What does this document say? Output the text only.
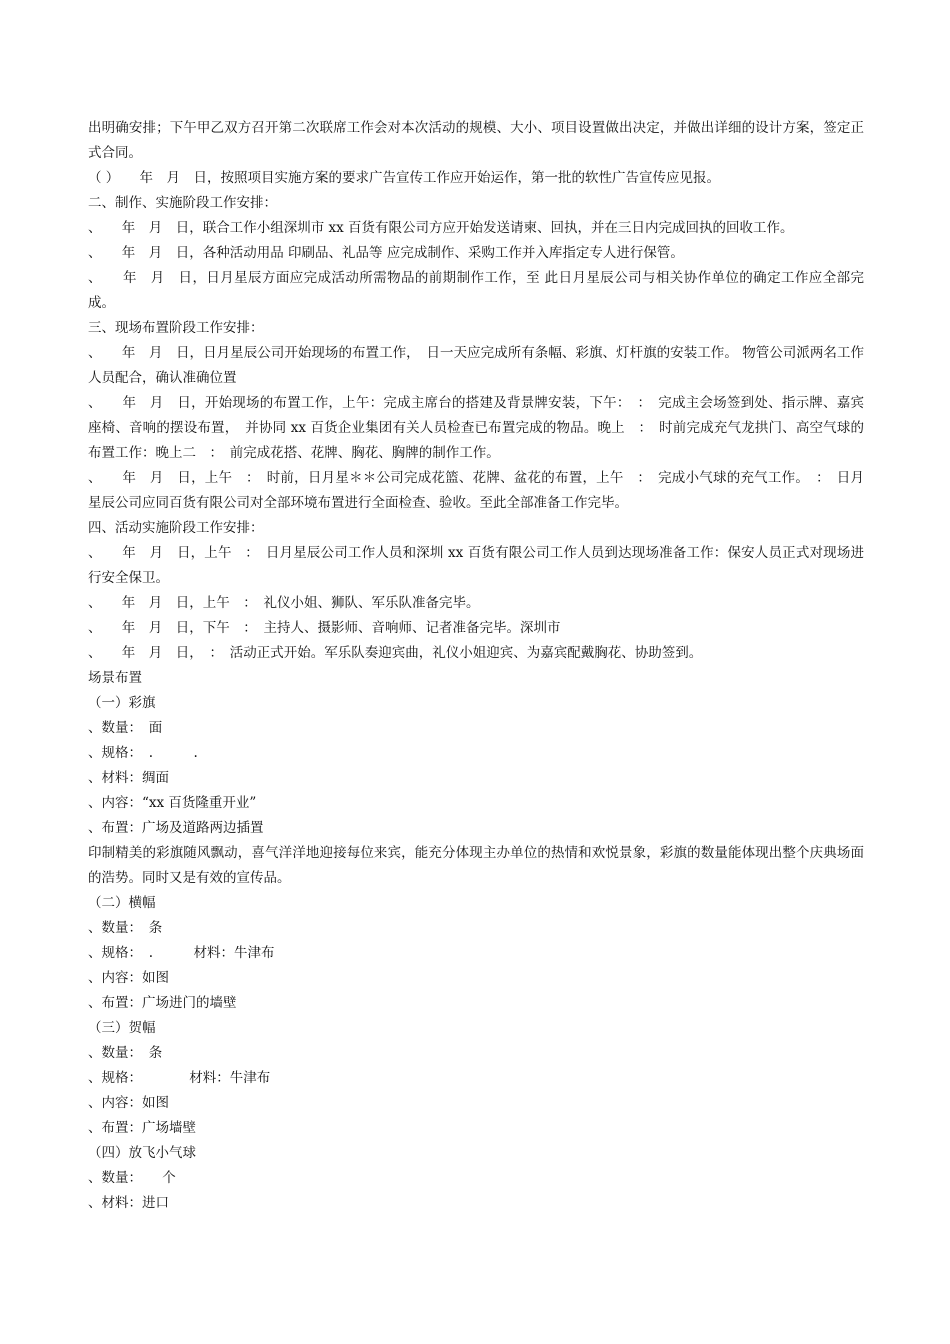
出明确安排；下午甲乙双方召开第二次联席工作会对本次活动的规模、大小、项目设置做出决定，并做出详细的设计方案，签定正式合同。

（ ）　　年　月　日，按照项目实施方案的要求广告宣传工作应开始运作，第一批的软性广告宣传应见报。

二、制作、实施阶段工作安排：

、　　年　月　日，联合工作小组深圳市 xx 百货有限公司方应开始发送请柬、回执，并在三日内完成回执的回收工作。

、　　年　月　日，各种活动用品 印刷品、礼品等 应完成制作、采购工作并入库指定专人进行保管。

、　　年　月　日，日月星辰方面应完成活动所需物品的前期制作工作，至 此日月星辰公司与相关协作单位的确定工作应全部完成。

三、现场布置阶段工作安排：

、　　年　月　日，日月星辰公司开始现场的布置工作，　日一天应完成所有条幅、彩旗、灯杆旗的安装工作。 物管公司派两名工作人员配合，确认准确位置

、　　年　月　日，开始现场的布置工作，上午：完成主席台的搭建及背景牌安装，下午：　：　完成主会场签到处、指示牌、嘉宾座椅、音响的摆设布置，　并协同 xx 百货企业集团有关人员检查已布置完成的物品。晚上　：　时前完成充气龙拱门、高空气球的布置工作：晚上二　：　前完成花搭、花牌、胸花、胸牌的制作工作。

、　　年　月　日，上午　：　时前，日月星＊＊公司完成花篮、花牌、盆花的布置，上午　：　完成小气球的充气工作。　：　日月星辰公司应同百货有限公司对全部环境布置进行全面检查、验收。至此全部准备工作完毕。

四、活动实施阶段工作安排：

、　　年　月　日，上午　：　日月星辰公司工作人员和深圳 xx 百货有限公司工作人员到达现场准备工作：保安人员正式对现场进行安全保卫。

、　　年　月　日，上午　：　礼仪小姐、狮队、军乐队准备完毕。

、　　年　月　日，下午　：　主持人、摄影师、音响师、记者准备完毕。深圳市

、　　年　月　日，　：　活动正式开始。军乐队奏迎宾曲，礼仪小姐迎宾、为嘉宾配戴胸花、协助签到。

场景布置

（一）彩旗

、数量：　面

、规格：　.　　　.

、材料：绸面

、内容：“xx 百货隆重开业”

、布置：广场及道路两边插置

印制精美的彩旗随风飘动，喜气洋洋地迎接每位来宾，能充分体现主办单位的热情和欢悦景象，彩旗的数量能体现出整个庆典场面的浩势。同时又是有效的宣传品。

（二）横幅

、数量：　条

、规格：　.　　　材料：牛津布

、内容：如图

、布置：广场进门的墙壁

（三）贺幅

、数量：　条

、规格：　　　　材料：牛津布

、内容：如图

、布置：广场墙壁

（四）放飞小气球

、数量：　　个

、材料：进口
